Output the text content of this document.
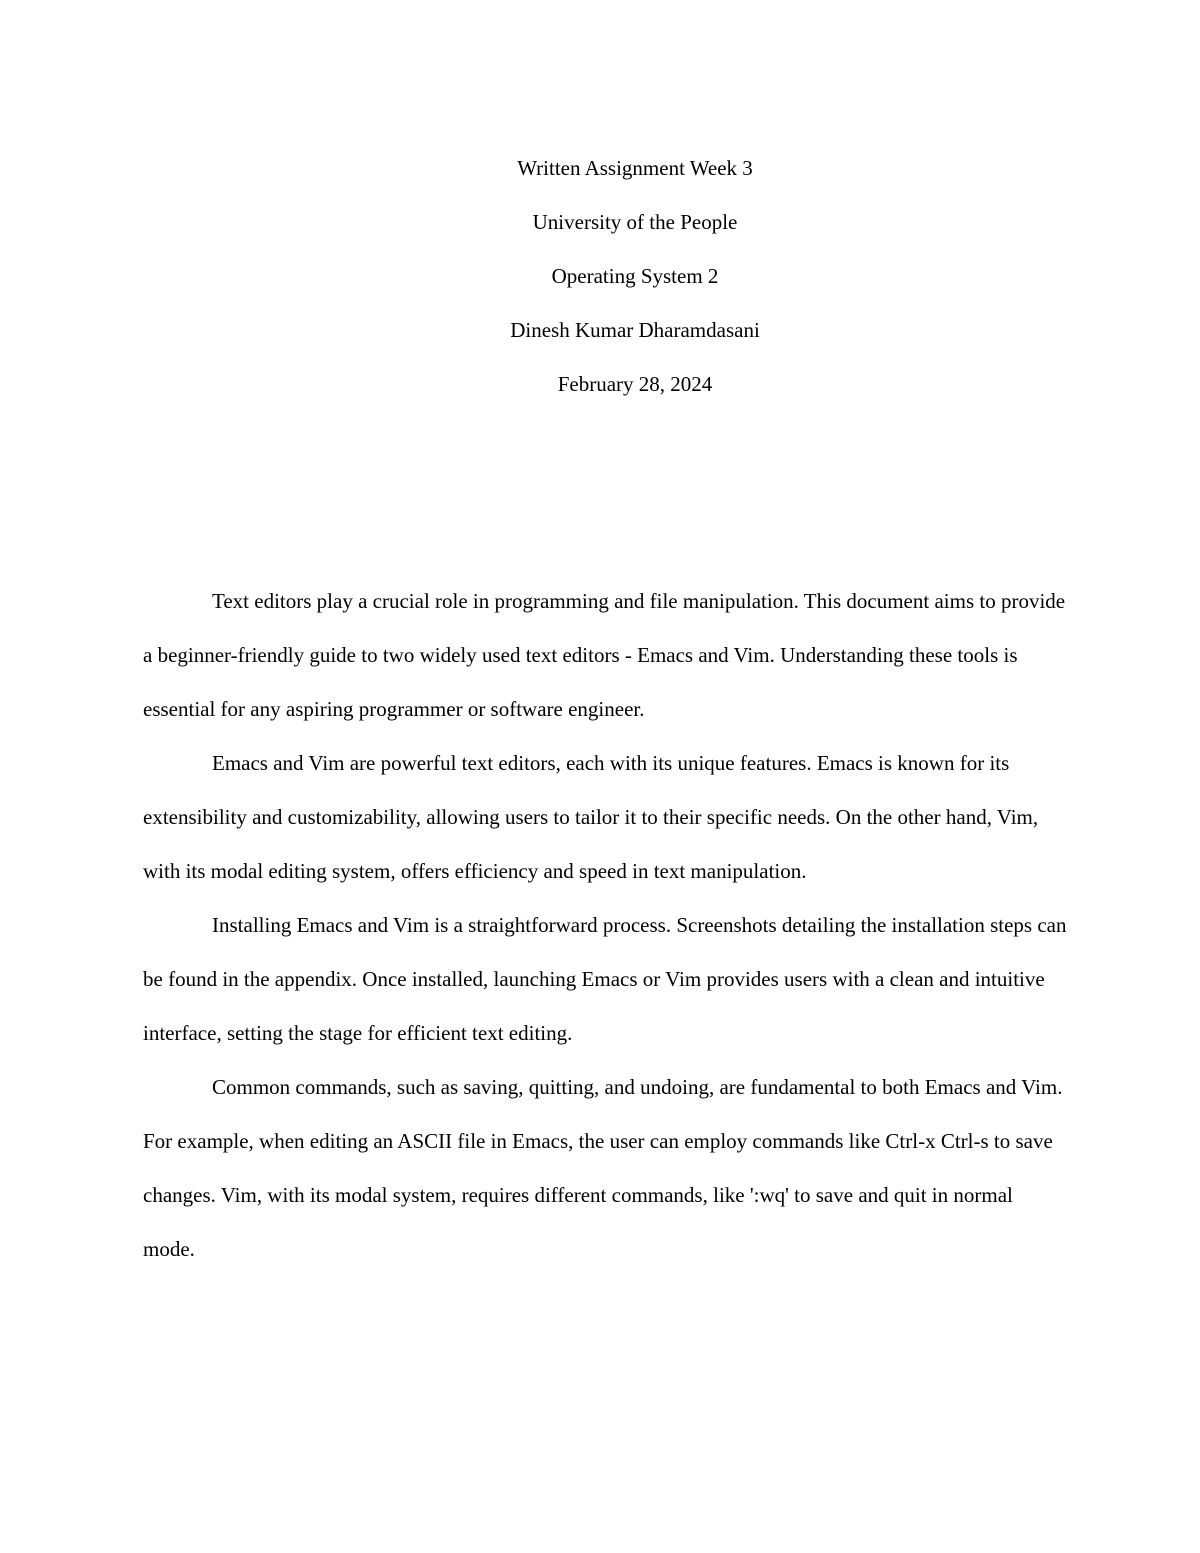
Written Assignment Week 3
University of the People
Operating System 2
Dinesh Kumar Dharamdasani
February 28, 2024

Text editors play a crucial role in programming and file manipulation. This document aims to provide a beginner-friendly guide to two widely used text editors - Emacs and Vim. Understanding these tools is essential for any aspiring programmer or software engineer.

Emacs and Vim are powerful text editors, each with its unique features. Emacs is known for its extensibility and customizability, allowing users to tailor it to their specific needs. On the other hand, Vim, with its modal editing system, offers efficiency and speed in text manipulation.

Installing Emacs and Vim is a straightforward process. Screenshots detailing the installation steps can be found in the appendix. Once installed, launching Emacs or Vim provides users with a clean and intuitive interface, setting the stage for efficient text editing.

Common commands, such as saving, quitting, and undoing, are fundamental to both Emacs and Vim. For example, when editing an ASCII file in Emacs, the user can employ commands like Ctrl-x Ctrl-s to save changes. Vim, with its modal system, requires different commands, like ':wq' to save and quit in normal mode.
